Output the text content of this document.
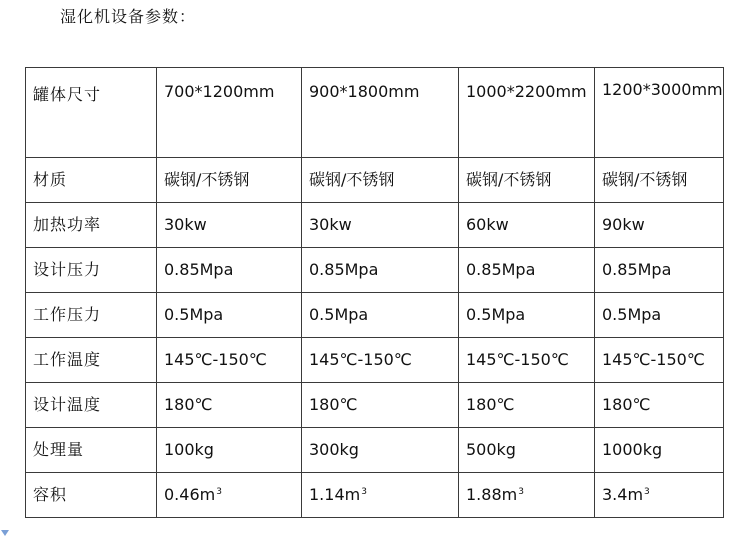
湿化机设备参数：
罐体尺寸	700*1200mm	900*1800mm	1000*2200mm	1200*3000mm
材质	碳钢/不锈钢	碳钢/不锈钢	碳钢/不锈钢	碳钢/不锈钢
加热功率	30kw	30kw	60kw	90kw
设计压力	0.85Mpa	0.85Mpa	0.85Mpa	0.85Mpa
工作压力	0.5Mpa	0.5Mpa	0.5Mpa	0.5Mpa
工作温度	145℃-150℃	145℃-150℃	145℃-150℃	145℃-150℃
设计温度	180℃	180℃	180℃	180℃
处理量	100kg	300kg	500kg	1000kg
容积	$0.46m^3$	$1.14m^3$	$1.88m^3$	$3.4m^3$
